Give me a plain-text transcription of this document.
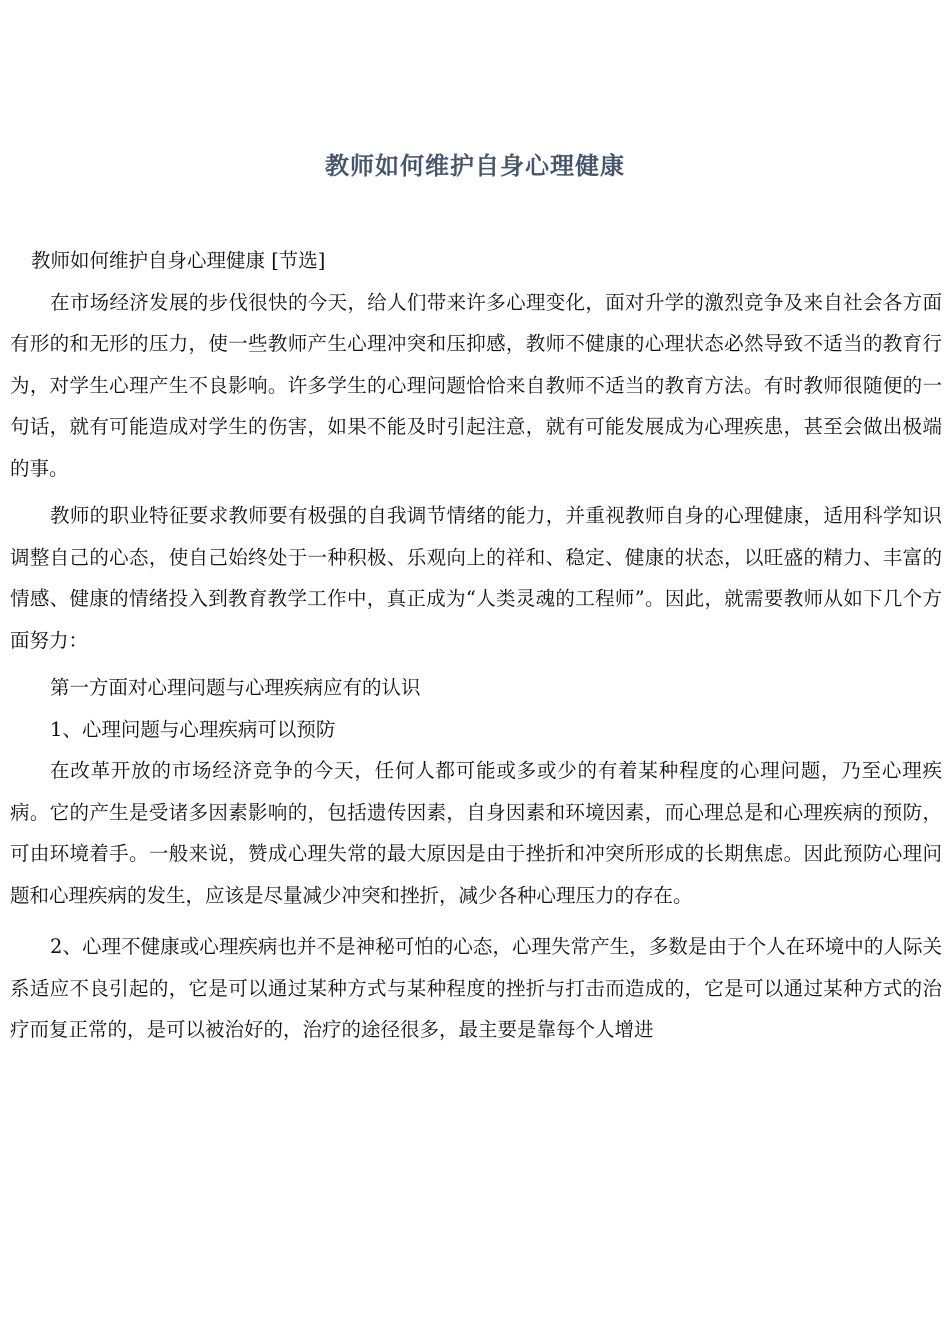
教师如何维护自身心理健康

教师如何维护自身心理健康 [节选]

在市场经济发展的步伐很快的今天，给人们带来许多心理变化，面对升学的激烈竞争及来自社会各方面有形的和无形的压力，使一些教师产生心理冲突和压抑感，教师不健康的心理状态必然导致不适当的教育行为，对学生心理产生不良影响。许多学生的心理问题恰恰来自教师不适当的教育方法。有时教师很随便的一句话，就有可能造成对学生的伤害，如果不能及时引起注意，就有可能发展成为心理疾患，甚至会做出极端的事。

教师的职业特征要求教师要有极强的自我调节情绪的能力，并重视教师自身的心理健康，适用科学知识调整自己的心态，使自己始终处于一种积极、乐观向上的祥和、稳定、健康的状态，以旺盛的精力、丰富的情感、健康的情绪投入到教育教学工作中，真正成为“人类灵魂的工程师”。因此，就需要教师从如下几个方面努力：

第一方面对心理问题与心理疾病应有的认识

1、心理问题与心理疾病可以预防

在改革开放的市场经济竞争的今天，任何人都可能或多或少的有着某种程度的心理问题，乃至心理疾病。它的产生是受诸多因素影响的，包括遗传因素，自身因素和环境因素，而心理总是和心理疾病的预防，可由环境着手。一般来说，赞成心理失常的最大原因是由于挫折和冲突所形成的长期焦虑。因此预防心理问题和心理疾病的发生，应该是尽量减少冲突和挫折，减少各种心理压力的存在。

2、心理不健康或心理疾病也并不是神秘可怕的心态，心理失常产生，多数是由于个人在环境中的人际关系适应不良引起的，它是可以通过某种方式与某种程度的挫折与打击而造成的，它是可以通过某种方式的治疗而复正常的，是可以被治好的，治疗的途径很多，最主要是靠每个人增进
